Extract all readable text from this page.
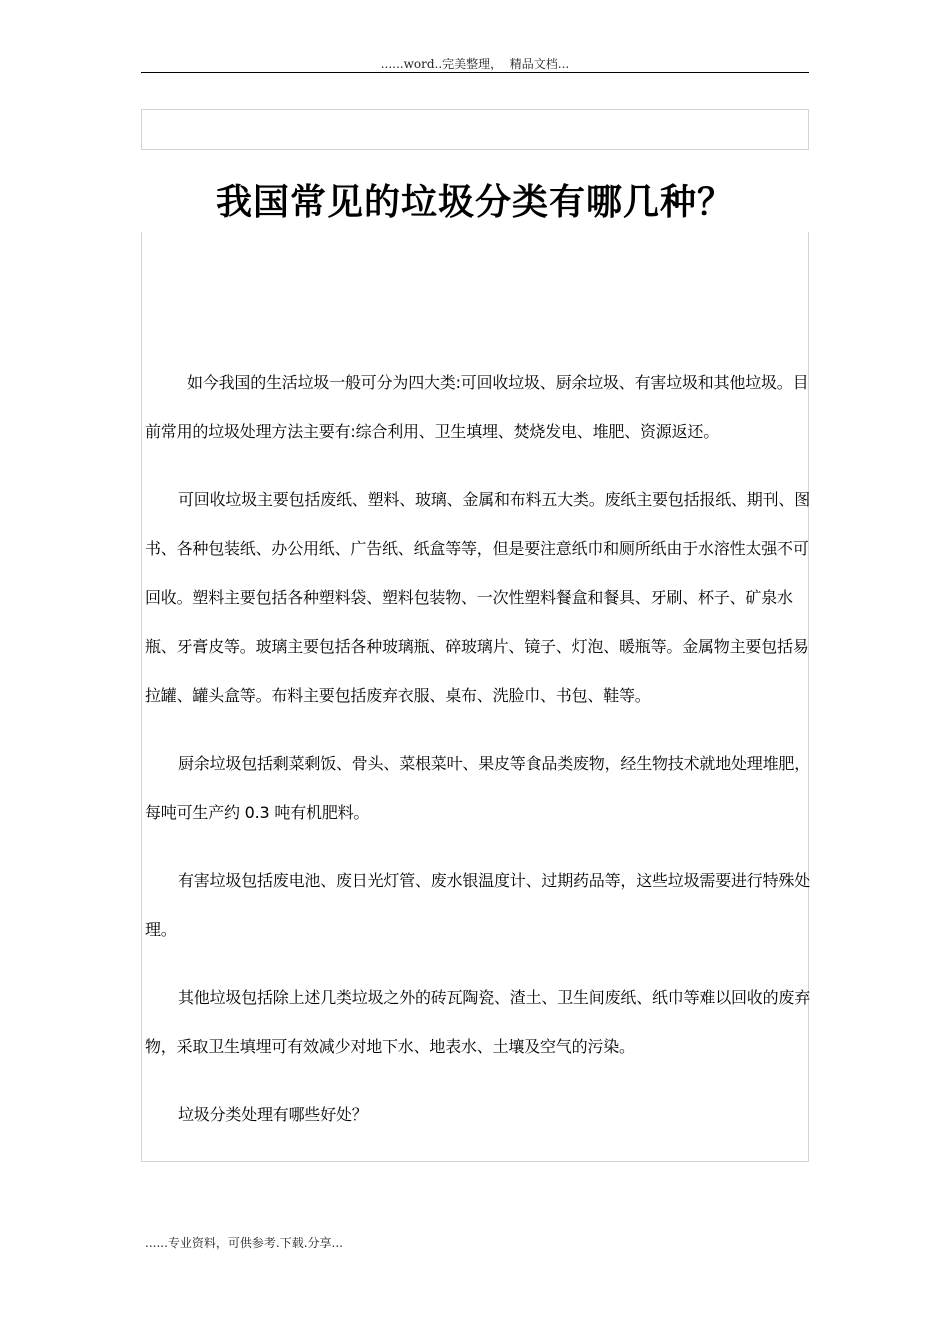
......word..完美整理，  精品文档...
我国常见的垃圾分类有哪几种？

如今我国的生活垃圾一般可分为四大类:可回收垃圾、厨余垃圾、有害垃圾和其他垃圾。目前常用的垃圾处理方法主要有:综合利用、卫生填埋、焚烧发电、堆肥、资源返还。

可回收垃圾主要包括废纸、塑料、玻璃、金属和布料五大类。废纸主要包括报纸、期刊、图书、各种包装纸、办公用纸、广告纸、纸盒等等，但是要注意纸巾和厕所纸由于水溶性太强不可回收。塑料主要包括各种塑料袋、塑料包装物、一次性塑料餐盒和餐具、牙刷、杯子、矿泉水瓶、牙膏皮等。玻璃主要包括各种玻璃瓶、碎玻璃片、镜子、灯泡、暖瓶等。金属物主要包括易拉罐、罐头盒等。布料主要包括废弃衣服、桌布、洗脸巾、书包、鞋等。

厨余垃圾包括剩菜剩饭、骨头、菜根菜叶、果皮等食品类废物，经生物技术就地处理堆肥，每吨可生产约 0.3 吨有机肥料。

有害垃圾包括废电池、废日光灯管、废水银温度计、过期药品等，这些垃圾需要进行特殊处理。

其他垃圾包括除上述几类垃圾之外的砖瓦陶瓷、渣土、卫生间废纸、纸巾等难以回收的废弃物，采取卫生填埋可有效减少对地下水、地表水、土壤及空气的污染。

垃圾分类处理有哪些好处？

......专业资料，可供参考.下载.分享...
